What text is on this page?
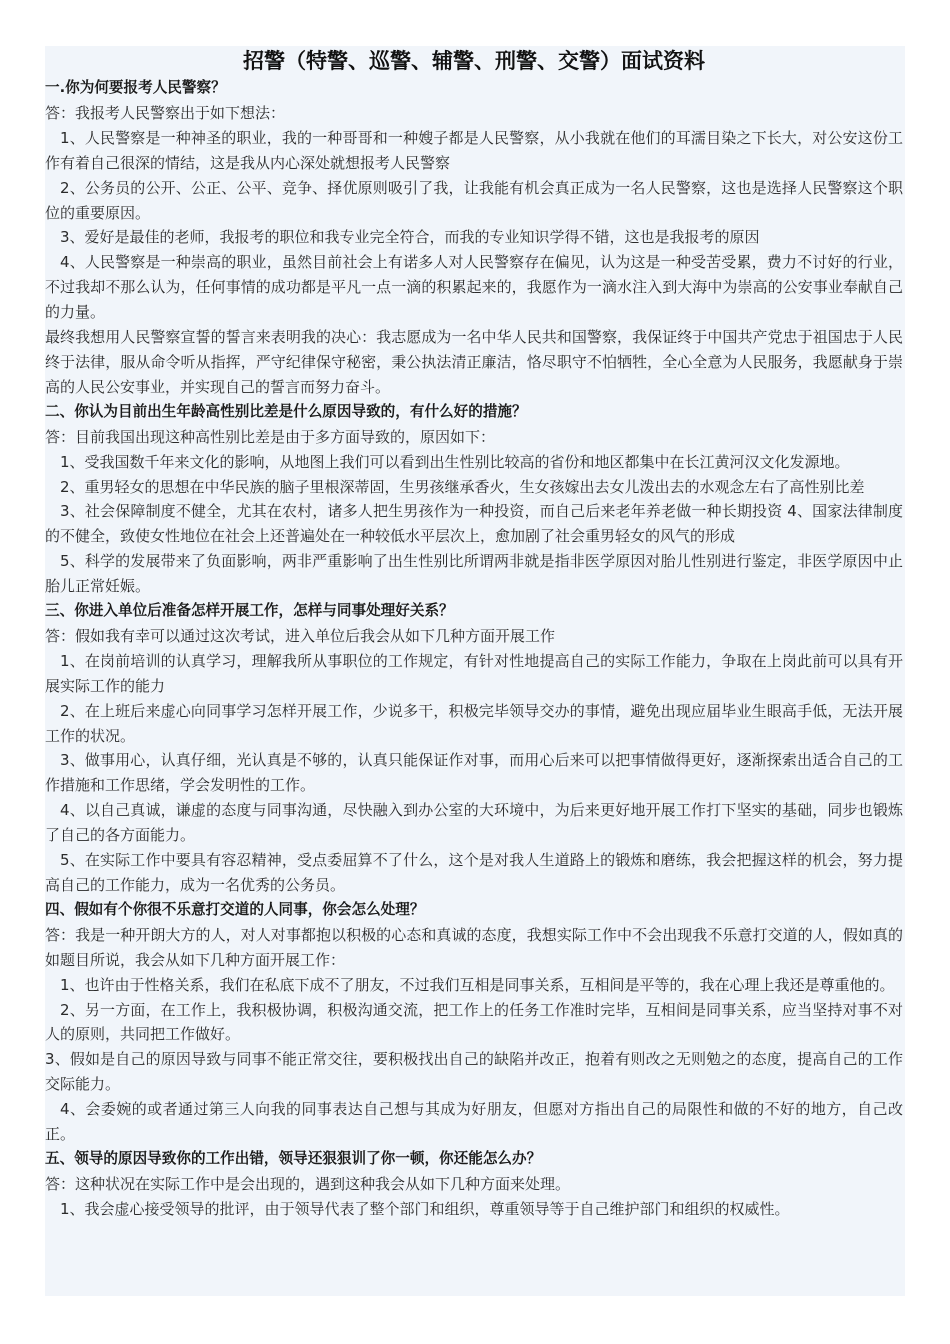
招警（特警、巡警、辅警、刑警、交警）面试资料

一.你为何要报考人民警察？

答：我报考人民警察出于如下想法：

1、人民警察是一种神圣的职业，我的一种哥哥和一种嫂子都是人民警察，从小我就在他们的耳濡目染之下长大，对公安这份工作有着自己很深的情结，这是我从内心深处就想报考人民警察

2、公务员的公开、公正、公平、竞争、择优原则吸引了我，让我能有机会真正成为一名人民警察，这也是选择人民警察这个职位的重要原因。

3、爱好是最佳的老师，我报考的职位和我专业完全符合，而我的专业知识学得不错，这也是我报考的原因

4、人民警察是一种崇高的职业，虽然目前社会上有诺多人对人民警察存在偏见，认为这是一种受苦受累，费力不讨好的行业，不过我却不那么认为，任何事情的成功都是平凡一点一滴的积累起来的，我愿作为一滴水注入到大海中为崇高的公安事业奉献自己的力量。

最终我想用人民警察宣誓的誓言来表明我的决心：我志愿成为一名中华人民共和国警察，我保证终于中国共产党忠于祖国忠于人民终于法律，服从命令听从指挥，严守纪律保守秘密，秉公执法清正廉洁，恪尽职守不怕牺牲，全心全意为人民服务，我愿献身于崇高的人民公安事业，并实现自己的誓言而努力奋斗。

二、你认为目前出生年龄高性别比差是什么原因导致的，有什么好的措施？

答：目前我国出现这种高性别比差是由于多方面导致的，原因如下：

1、受我国数千年来文化的影响，从地图上我们可以看到出生性别比较高的省份和地区都集中在长江黄河汉文化发源地。

2、重男轻女的思想在中华民族的脑子里根深蒂固，生男孩继承香火，生女孩嫁出去女儿泼出去的水观念左右了高性别比差

3、社会保障制度不健全，尤其在农村，诸多人把生男孩作为一种投资，而自己后来老年养老做一种长期投资 4、国家法律制度的不健全，致使女性地位在社会上还普遍处在一种较低水平层次上，愈加剧了社会重男轻女的风气的形成

5、科学的发展带来了负面影响，两非严重影响了出生性别比所谓两非就是指非医学原因对胎儿性别进行鉴定，非医学原因中止胎儿正常妊娠。

三、你进入单位后准备怎样开展工作，怎样与同事处理好关系？

答：假如我有幸可以通过这次考试，进入单位后我会从如下几种方面开展工作

1、在岗前培训的认真学习，理解我所从事职位的工作规定，有针对性地提高自己的实际工作能力，争取在上岗此前可以具有开展实际工作的能力

2、在上班后来虚心向同事学习怎样开展工作，少说多干，积极完毕领导交办的事情，避免出现应届毕业生眼高手低，无法开展工作的状况。

3、做事用心，认真仔细，光认真是不够的，认真只能保证作对事，而用心后来可以把事情做得更好，逐渐探索出适合自己的工作措施和工作思绪，学会发明性的工作。

4、以自己真诚，谦虚的态度与同事沟通，尽快融入到办公室的大环境中，为后来更好地开展工作打下坚实的基础，同步也锻炼了自己的各方面能力。

5、在实际工作中要具有容忍精神，受点委屈算不了什么，这个是对我人生道路上的锻炼和磨练，我会把握这样的机会，努力提高自己的工作能力，成为一名优秀的公务员。

四、假如有个你很不乐意打交道的人同事，你会怎么处理？

答：我是一种开朗大方的人，对人对事都抱以积极的心态和真诚的态度，我想实际工作中不会出现我不乐意打交道的人，假如真的如题目所说，我会从如下几种方面开展工作：

1、也许由于性格关系，我们在私底下成不了朋友，不过我们互相是同事关系，互相间是平等的，我在心理上我还是尊重他的。

2、另一方面，在工作上，我积极协调，积极沟通交流，把工作上的任务工作准时完毕，互相间是同事关系，应当坚持对事不对人的原则，共同把工作做好。

3、假如是自己的原因导致与同事不能正常交往，要积极找出自己的缺陷并改正，抱着有则改之无则勉之的态度，提高自己的工作交际能力。

4、会委婉的或者通过第三人向我的同事表达自己想与其成为好朋友，但愿对方指出自己的局限性和做的不好的地方，自己改正。

五、领导的原因导致你的工作出错，领导还狠狠训了你一顿，你还能怎么办？

答：这种状况在实际工作中是会出现的，遇到这种我会从如下几种方面来处理。

1、我会虚心接受领导的批评，由于领导代表了整个部门和组织，尊重领导等于自己维护部门和组织的权威性。
